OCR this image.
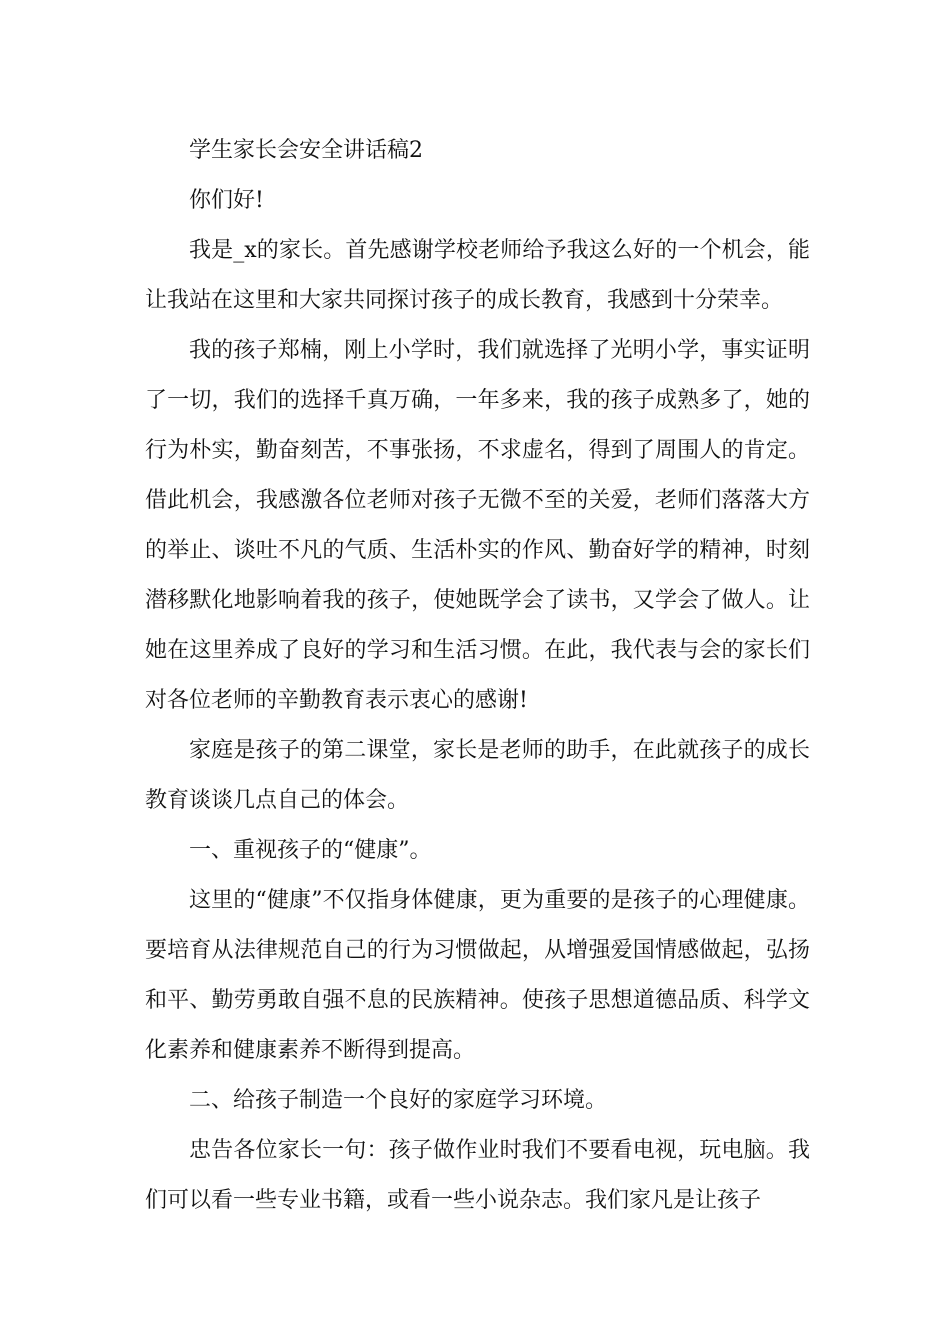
学生家长会安全讲话稿2

你们好!

我是_x的家长。首先感谢学校老师给予我这么好的一个机会，能让我站在这里和大家共同探讨孩子的成长教育，我感到十分荣幸。

我的孩子郑楠，刚上小学时，我们就选择了光明小学，事实证明了一切，我们的选择千真万确，一年多来，我的孩子成熟多了，她的行为朴实，勤奋刻苦，不事张扬，不求虚名，得到了周围人的肯定。借此机会，我感激各位老师对孩子无微不至的关爱，老师们落落大方的举止、谈吐不凡的气质、生活朴实的作风、勤奋好学的精神，时刻潜移默化地影响着我的孩子，使她既学会了读书，又学会了做人。让她在这里养成了良好的学习和生活习惯。在此，我代表与会的家长们对各位老师的辛勤教育表示衷心的感谢!

家庭是孩子的第二课堂，家长是老师的助手，在此就孩子的成长教育谈谈几点自己的体会。

一、重视孩子的“健康”。

这里的“健康”不仅指身体健康，更为重要的是孩子的心理健康。要培育从法律规范自己的行为习惯做起，从增强爱国情感做起，弘扬和平、勤劳勇敢自强不息的民族精神。使孩子思想道德品质、科学文化素养和健康素养不断得到提高。

二、给孩子制造一个良好的家庭学习环境。

忠告各位家长一句：孩子做作业时我们不要看电视，玩电脑。我们可以看一些专业书籍，或看一些小说杂志。我们家凡是让孩子
